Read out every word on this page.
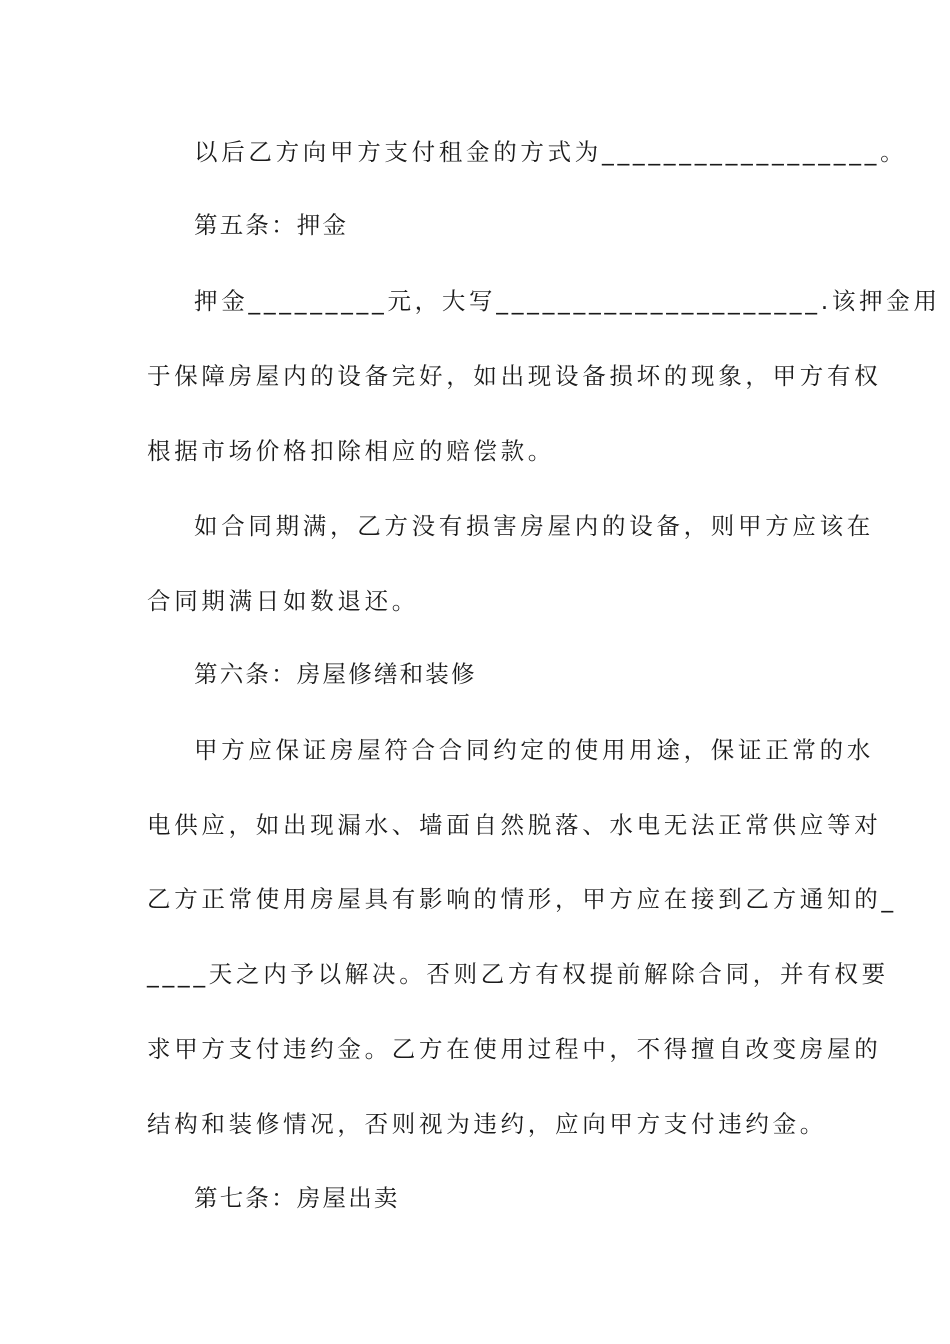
以后乙方向甲方支付租金的方式为__________________。
第五条：押金
押金_________元，大写_____________________.该押金用
于保障房屋内的设备完好，如出现设备损坏的现象，甲方有权
根据市场价格扣除相应的赔偿款。
如合同期满，乙方没有损害房屋内的设备，则甲方应该在
合同期满日如数退还。
第六条：房屋修缮和装修
甲方应保证房屋符合合同约定的使用用途，保证正常的水
电供应，如出现漏水、墙面自然脱落、水电无法正常供应等对
乙方正常使用房屋具有影响的情形，甲方应在接到乙方通知的_
____天之内予以解决。否则乙方有权提前解除合同，并有权要
求甲方支付违约金。乙方在使用过程中，不得擅自改变房屋的
结构和装修情况，否则视为违约，应向甲方支付违约金。
第七条：房屋出卖
